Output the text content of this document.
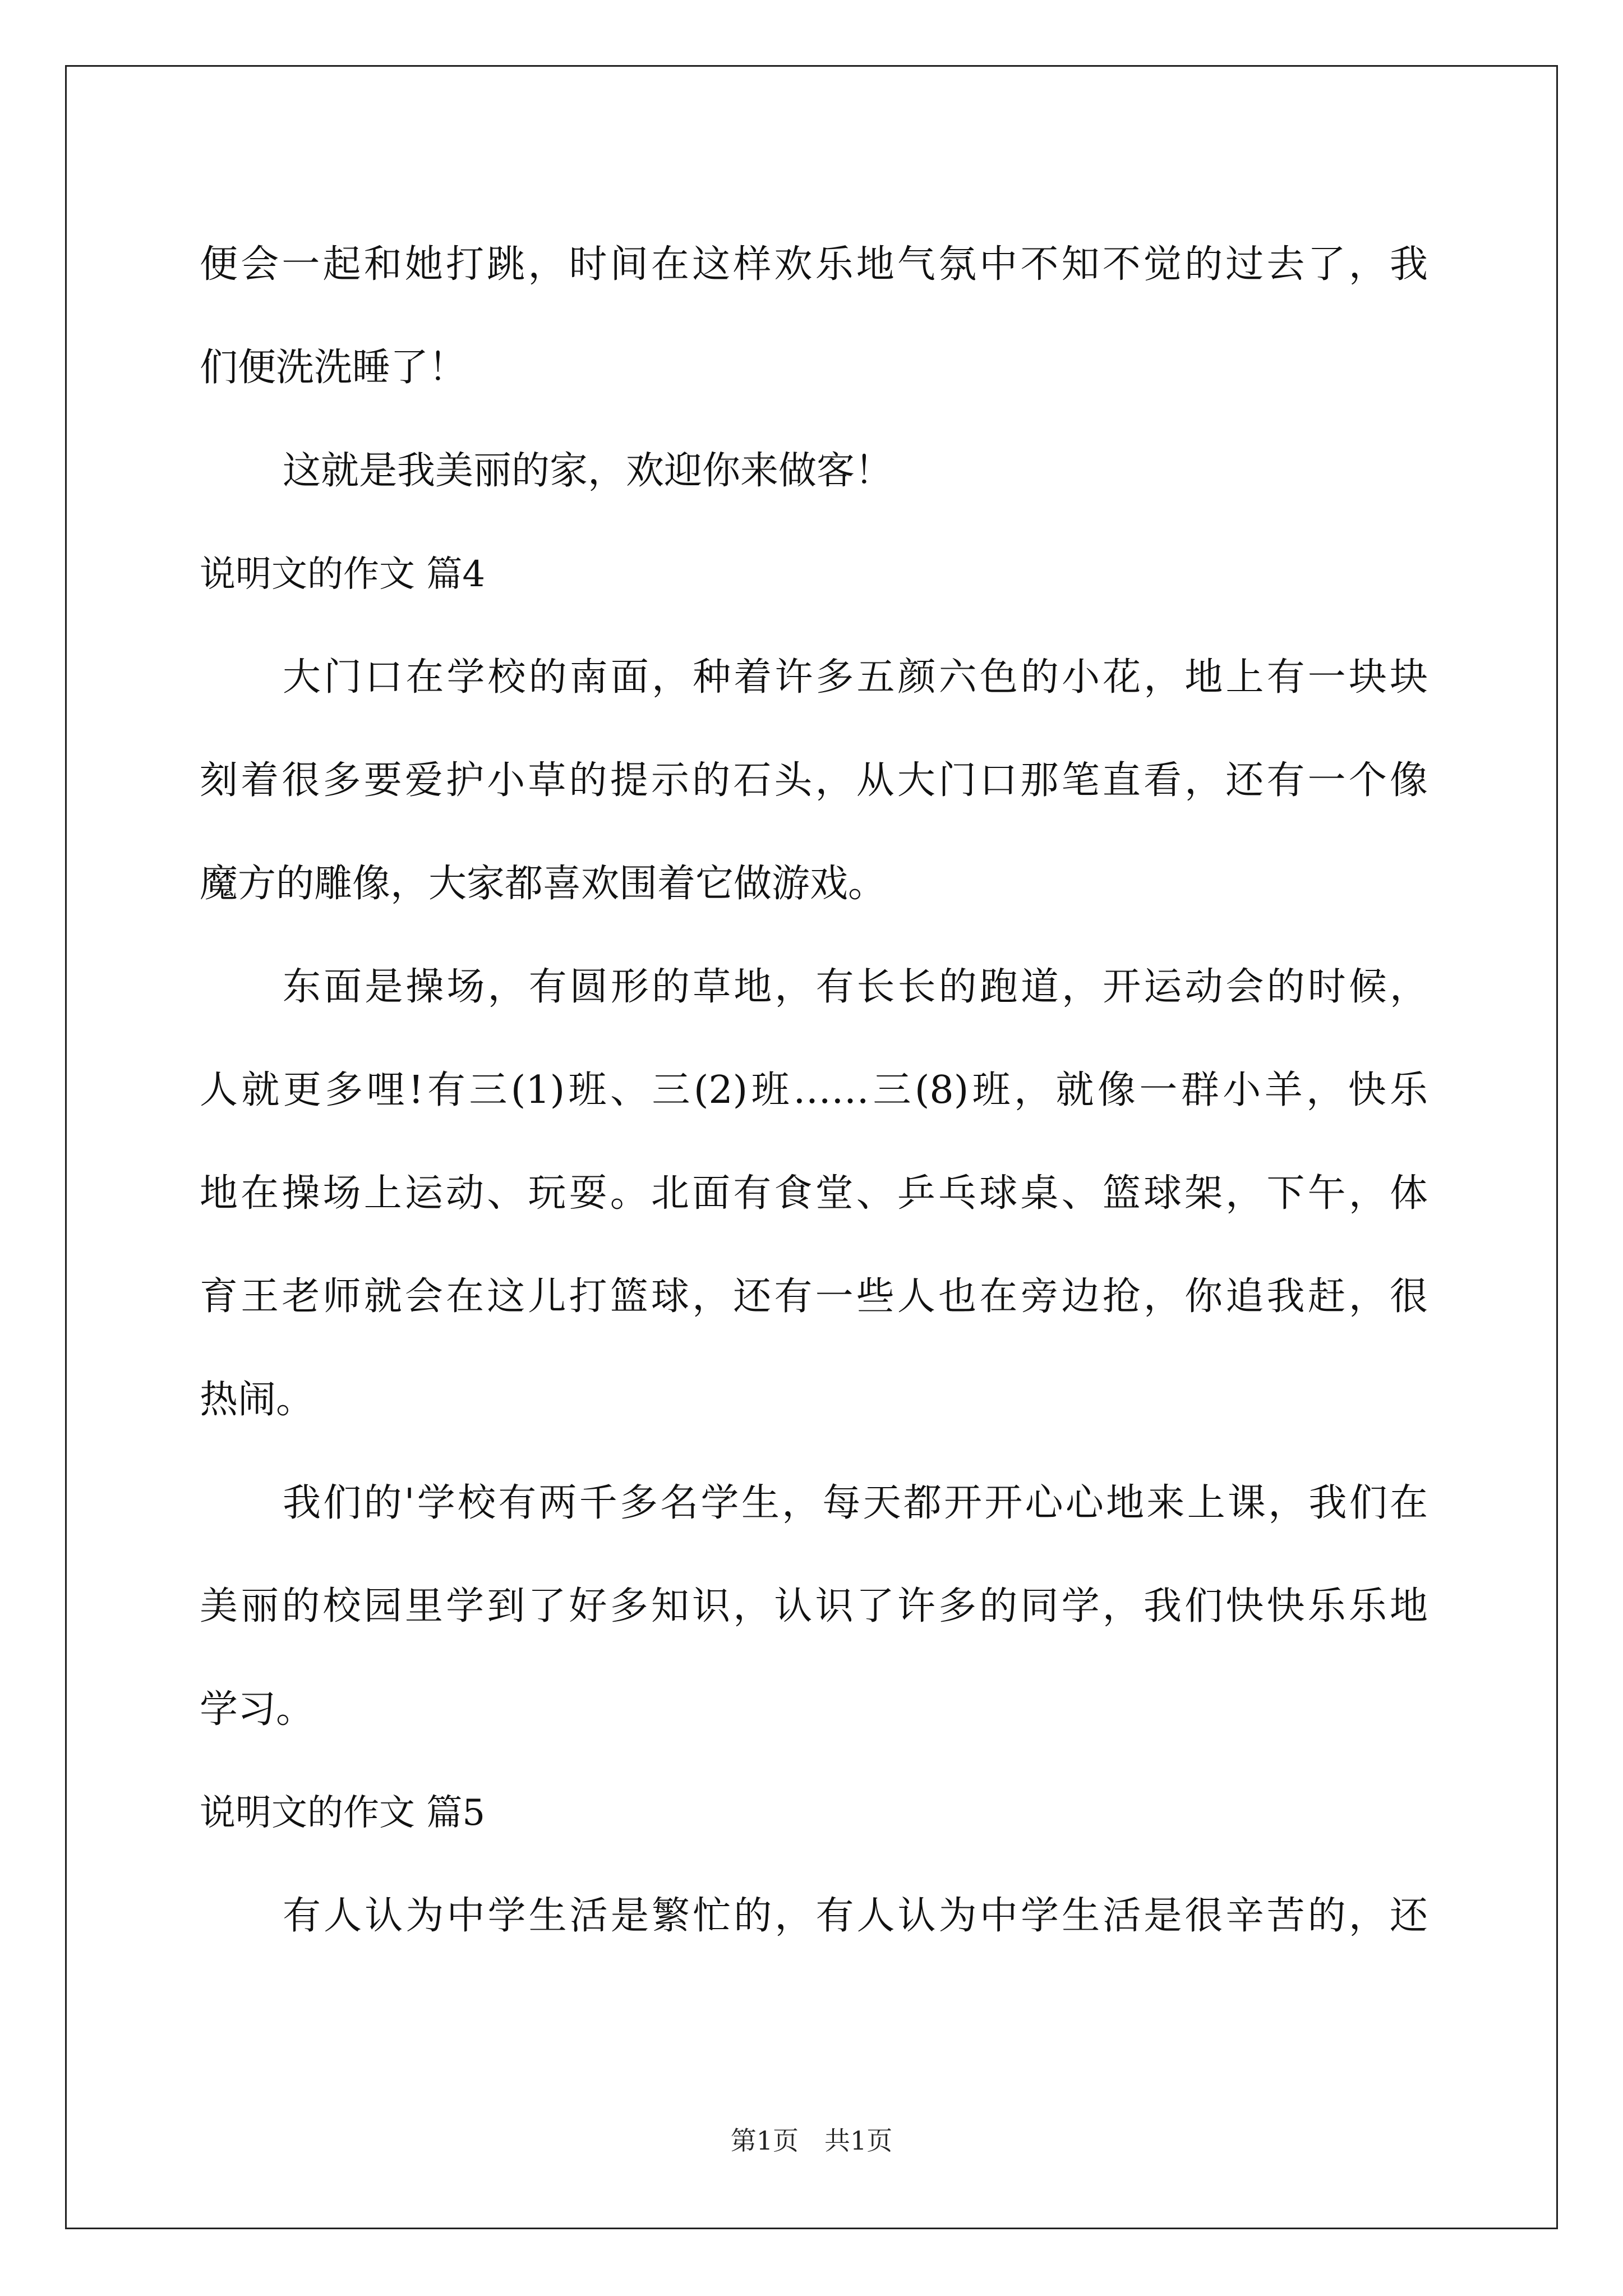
便会一起和她打跳，时间在这样欢乐地气氛中不知不觉的过去了，我
们便洗洗睡了！
这就是我美丽的家，欢迎你来做客！
说明文的作文 篇4
大门口在学校的南面，种着许多五颜六色的小花，地上有一块块
刻着很多要爱护小草的提示的石头，从大门口那笔直看，还有一个像
魔方的雕像，大家都喜欢围着它做游戏。
东面是操场，有圆形的草地，有长长的跑道，开运动会的时候，
人就更多哩!有三(1)班、三(2)班……三(8)班，就像一群小羊，快乐
地在操场上运动、玩耍。北面有食堂、乒乓球桌、篮球架，下午，体
育王老师就会在这儿打篮球，还有一些人也在旁边抢，你追我赶，很
热闹。
我们的'学校有两千多名学生，每天都开开心心地来上课，我们在
美丽的校园里学到了好多知识，认识了许多的同学，我们快快乐乐地
学习。
说明文的作文 篇5
有人认为中学生活是繁忙的，有人认为中学生活是很辛苦的，还
第1页　共1页
